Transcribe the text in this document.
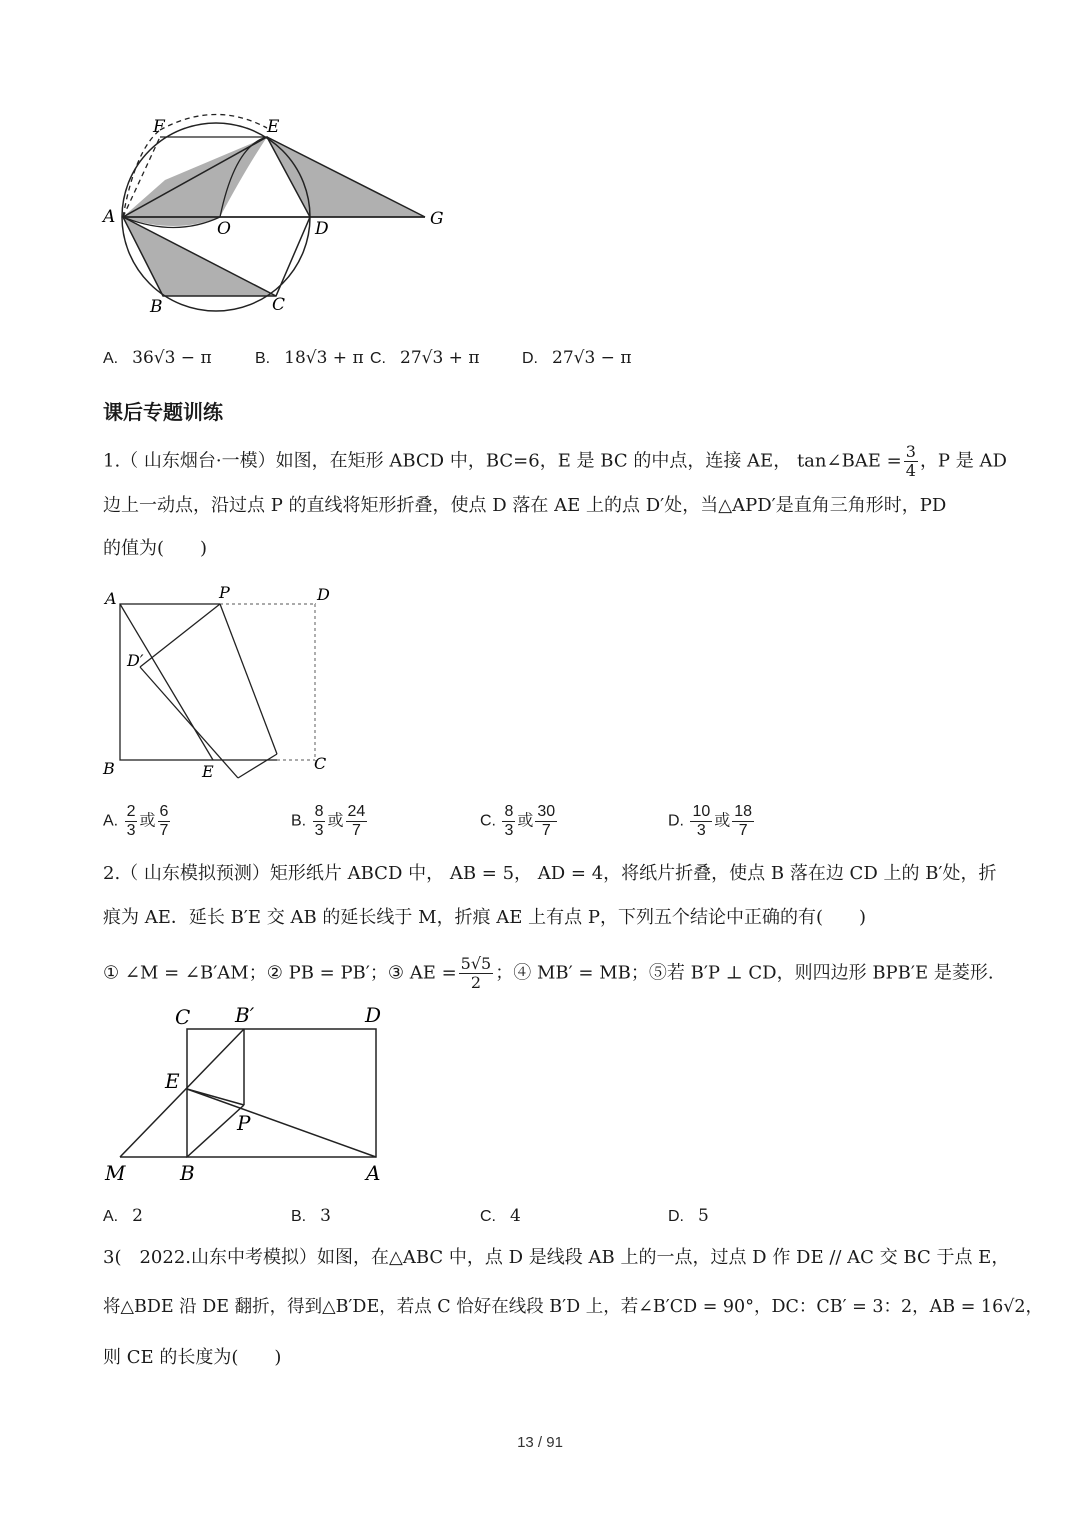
F	E
A
O	D	G
B	C
A. 36√3 − π	B. 18√3 + π C. 27√3 + π	D. 27√3 − π
课后专题训练
1.（ 山东烟台·一模）如图，在矩形 ABCD 中，BC=6，E 是 BC 的中点，连接 AE， tan∠BAE = $\frac{3}{4}$ ，P 是 AD
边上一动点，沿过点 P 的直线将矩形折叠，使点 D 落在 AE 上的点 D′处，当△APD′是直角三角形时，PD
的值为(　　)
A	P	D
D′
B	E	C
A. $\frac{2}{3}$ 或 $\frac{6}{7}$	B. $\frac{8}{3}$ 或 $\frac{24}{7}$	C. $\frac{8}{3}$ 或 $\frac{30}{7}$	D. $\frac{10}{3}$ 或 $\frac{18}{7}$
2.（ 山东模拟预测）矩形纸片 ABCD 中， AB = 5， AD = 4，将纸片折叠，使点 B 落在边 CD 上的 B′处，折
痕为 AE．延长 B′E 交 AB 的延长线于 M，折痕 AE 上有点 P，下列五个结论中正确的有(　　)
① ∠M = ∠B′AM；② PB = PB′；③ AE = $\frac{5√5}{2}$ ；④ MB′ = MB；⑤若 B′P ⊥ CD，则四边形 BPB′E 是菱形.
C B′	D
E
P
M	B	A
A. 2	B. 3	C. 4	D. 5
3(　2022.山东中考模拟）如图，在△ABC 中，点 D 是线段 AB 上的一点，过点 D 作 DE // AC 交 BC 于点 E，
将△BDE 沿 DE 翻折，得到△B′DE，若点 C 恰好在线段 B′D 上，若∠B′CD = 90°，DC：CB′ = 3：2，AB = 16√2，
则 CE 的长度为(　　)
13 / 91
